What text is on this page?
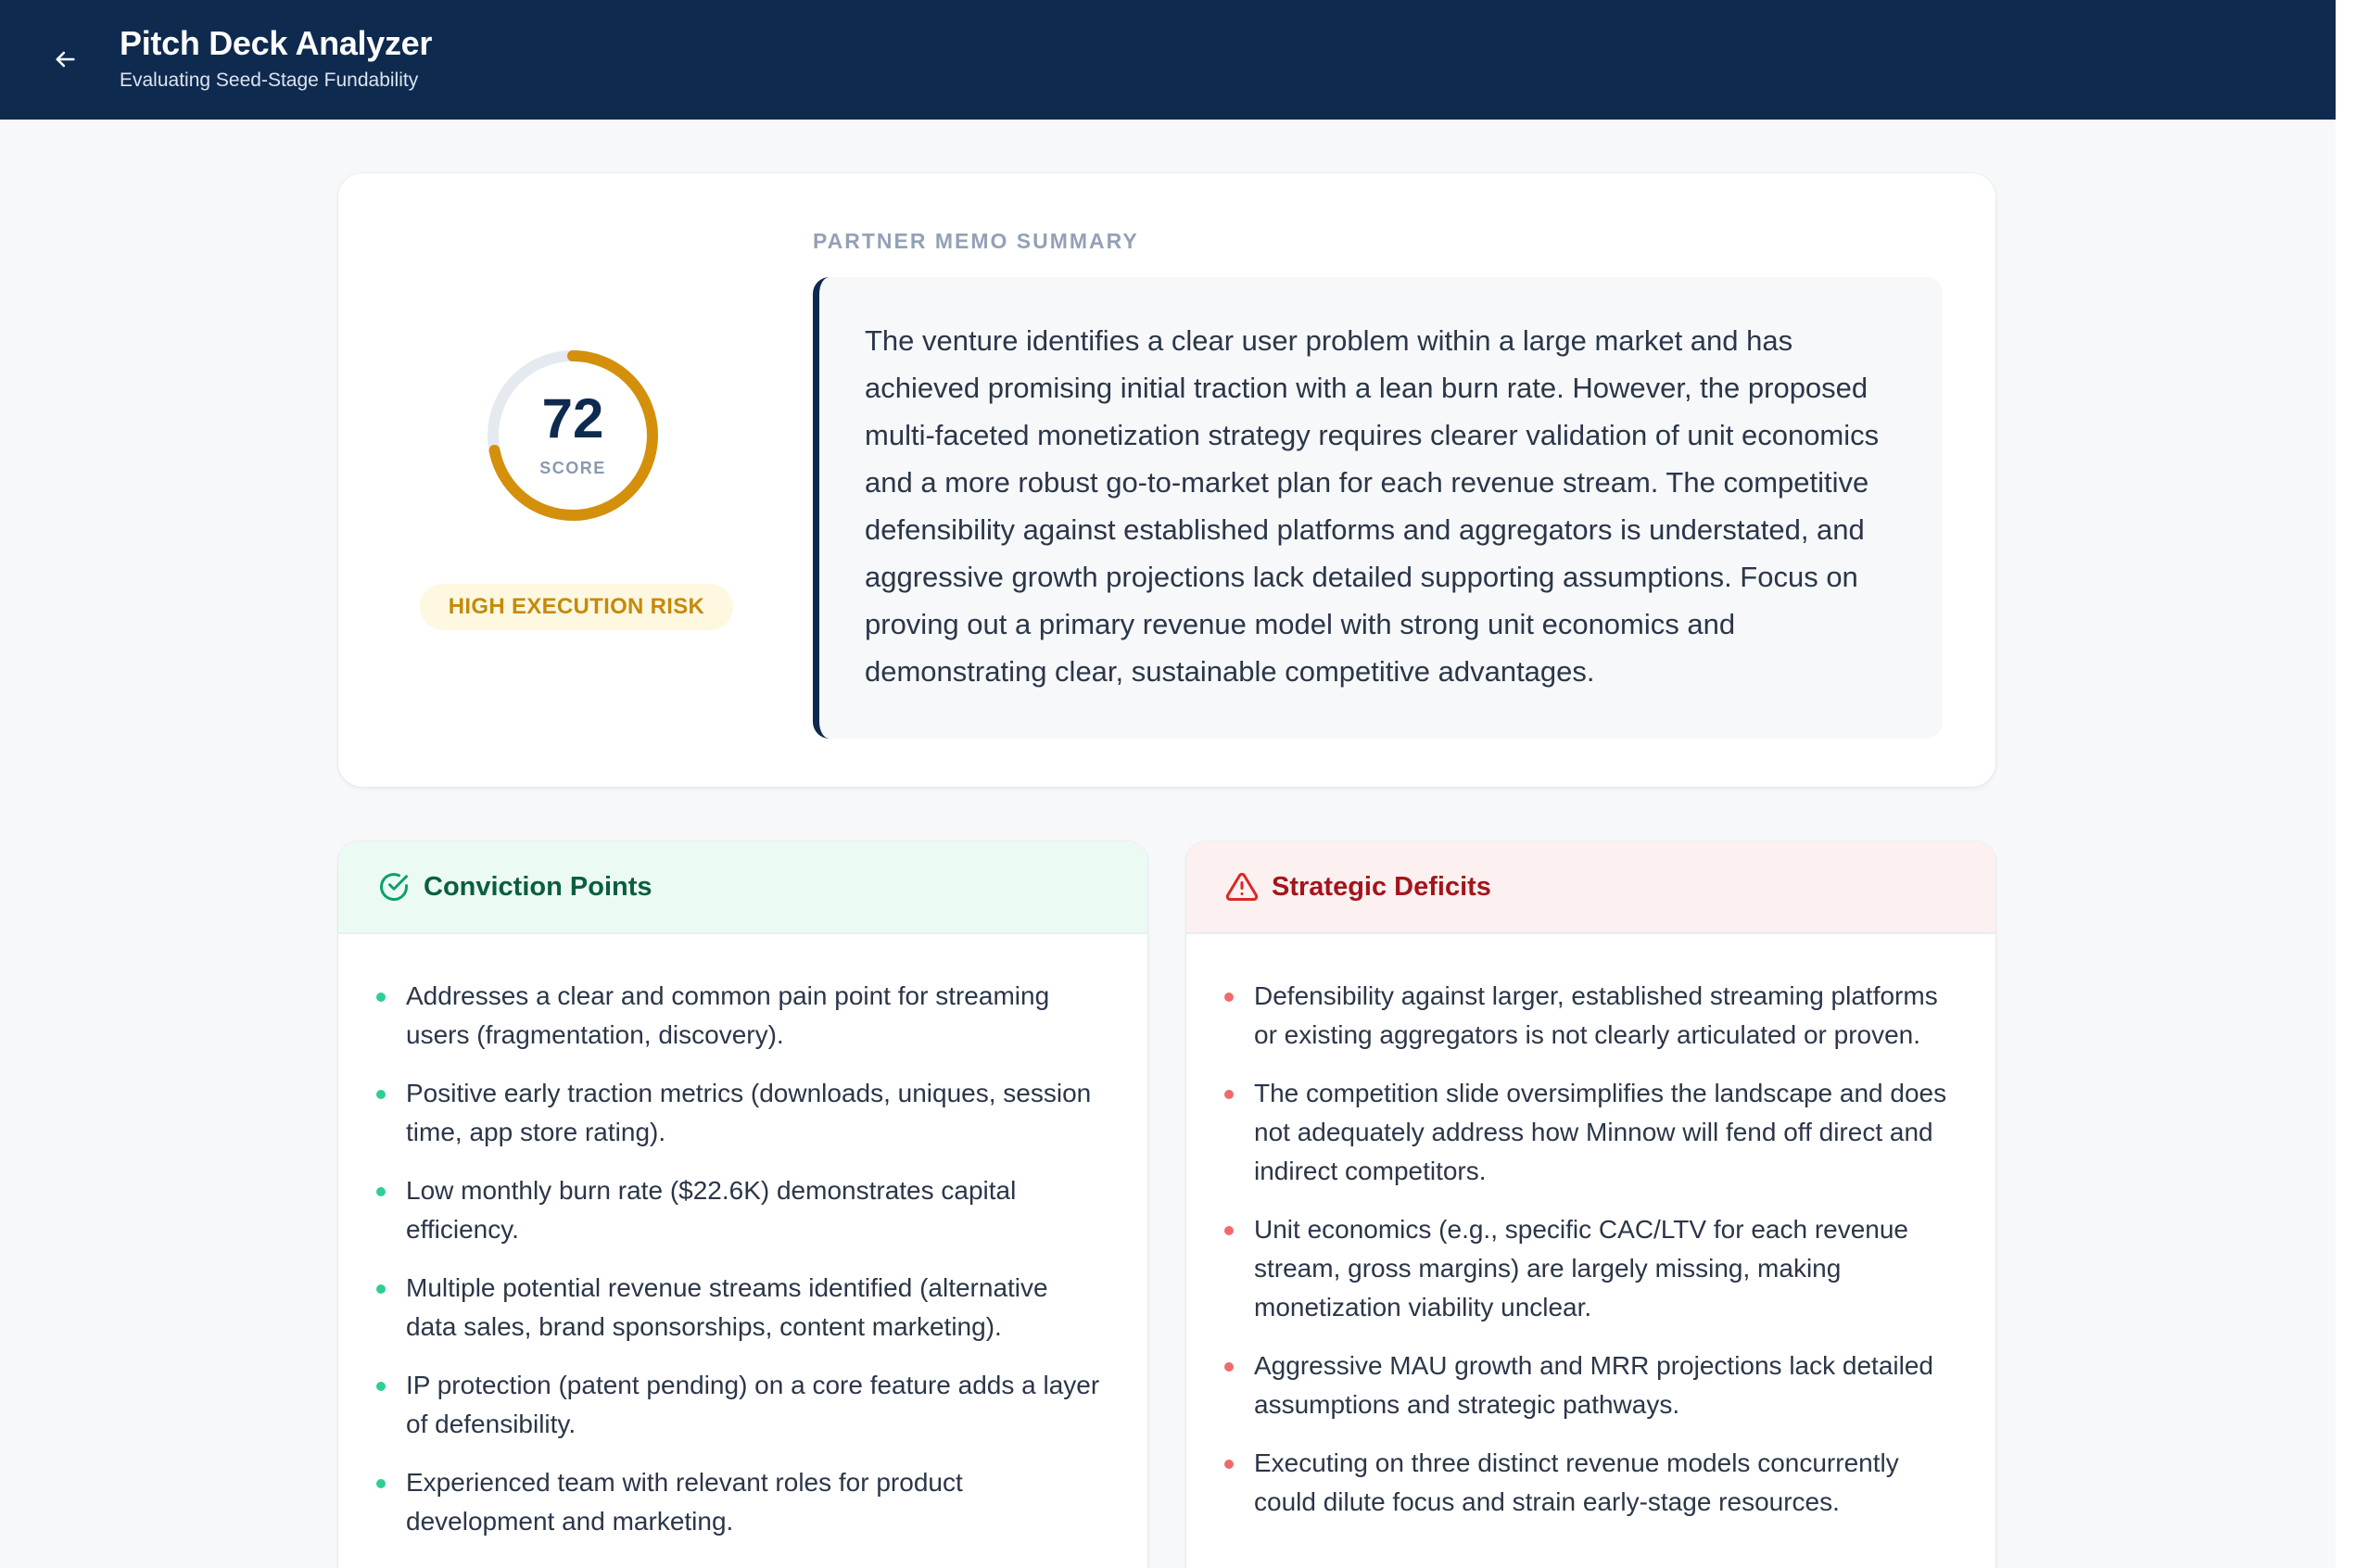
Pitch Deck Analyzer
Evaluating Seed-Stage Fundability
72
SCORE
HIGH EXECUTION RISK
PARTNER MEMO SUMMARY
The venture identifies a clear user problem within a large market and has achieved promising initial traction with a lean burn rate. However, the proposed multi-faceted monetization strategy requires clearer validation of unit economics and a more robust go-to-market plan for each revenue stream. The competitive defensibility against established platforms and aggregators is understated, and aggressive growth projections lack detailed supporting assumptions. Focus on proving out a primary revenue model with strong unit economics and demonstrating clear, sustainable competitive advantages.
Conviction Points
Addresses a clear and common pain point for streaming users (fragmentation, discovery).
Positive early traction metrics (downloads, uniques, session time, app store rating).
Low monthly burn rate ($22.6K) demonstrates capital efficiency.
Multiple potential revenue streams identified (alternative data sales, brand sponsorships, content marketing).
IP protection (patent pending) on a core feature adds a layer of defensibility.
Experienced team with relevant roles for product development and marketing.
Strategic Deficits
Defensibility against larger, established streaming platforms or existing aggregators is not clearly articulated or proven.
The competition slide oversimplifies the landscape and does not adequately address how Minnow will fend off direct and indirect competitors.
Unit economics (e.g., specific CAC/LTV for each revenue stream, gross margins) are largely missing, making monetization viability unclear.
Aggressive MAU growth and MRR projections lack detailed assumptions and strategic pathways.
Executing on three distinct revenue models concurrently could dilute focus and strain early-stage resources.
